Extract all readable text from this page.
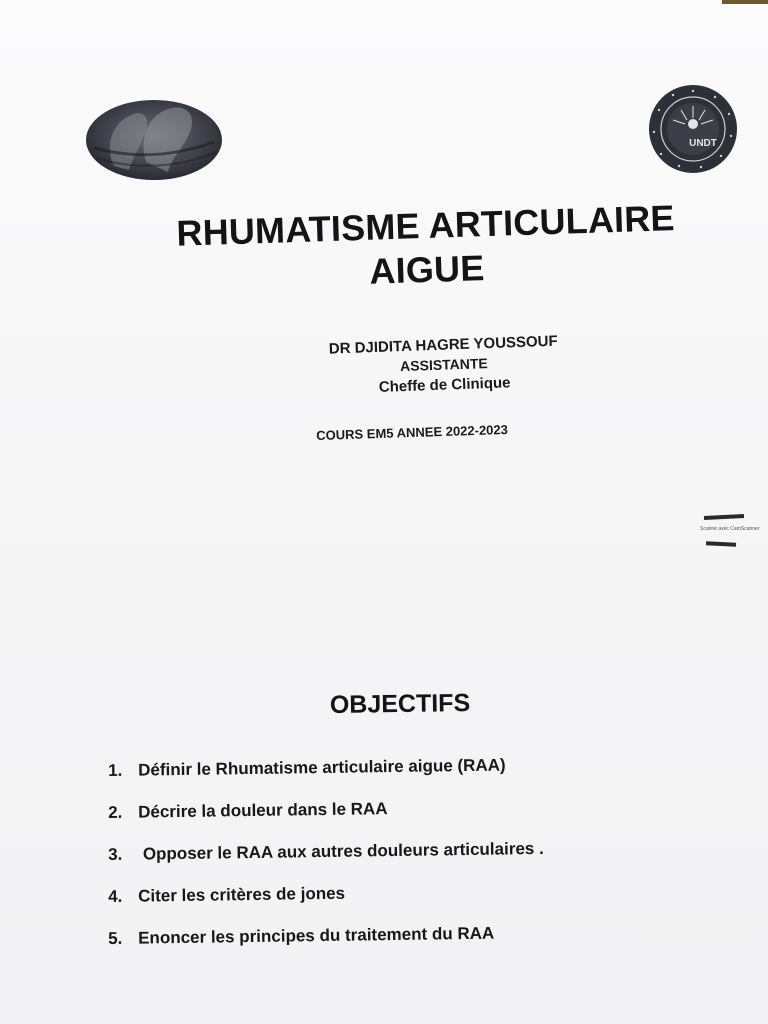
UNDT
RHUMATISME ARTICULAIRE
AIGUE
DR DJIDITA HAGRE YOUSSOUF
ASSISTANTE
Cheffe de Clinique
COURS EM5 ANNEE 2022-2023
Scanné avec CamScanner
OBJECTIFS
1. Définir le Rhumatisme articulaire aigue (RAA)
2. Décrire la douleur dans le RAA
3. Opposer le RAA aux autres douleurs articulaires .
4. Citer les critères de jones
5. Enoncer les principes du traitement du RAA
